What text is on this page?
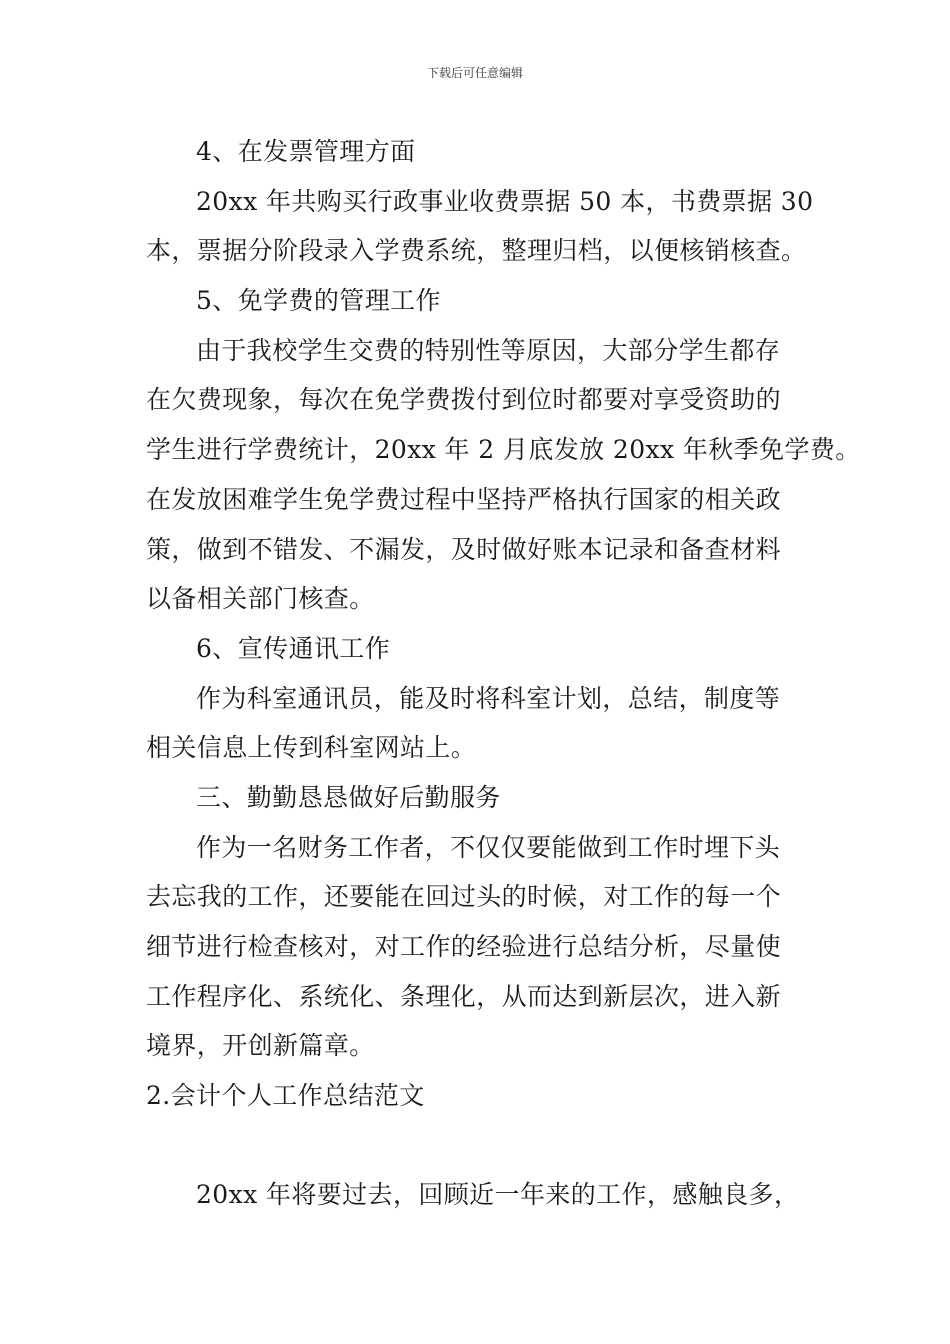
下载后可任意编辑
4、在发票管理方面
20xx 年共购买行政事业收费票据 50 本，书费票据 30
本，票据分阶段录入学费系统，整理归档，以便核销核查。
5、免学费的管理工作
由于我校学生交费的特别性等原因，大部分学生都存
在欠费现象，每次在免学费拨付到位时都要对享受资助的
学生进行学费统计，20xx 年 2 月底发放 20xx 年秋季免学费。
在发放困难学生免学费过程中坚持严格执行国家的相关政
策，做到不错发、不漏发，及时做好账本记录和备查材料
以备相关部门核查。
6、宣传通讯工作
作为科室通讯员，能及时将科室计划，总结，制度等
相关信息上传到科室网站上。
三、勤勤恳恳做好后勤服务
作为一名财务工作者，不仅仅要能做到工作时埋下头
去忘我的工作，还要能在回过头的时候，对工作的每一个
细节进行检查核对，对工作的经验进行总结分析，尽量使
工作程序化、系统化、条理化，从而达到新层次，进入新
境界，开创新篇章。
2.会计个人工作总结范文
20xx 年将要过去，回顾近一年来的工作，感触良多，
